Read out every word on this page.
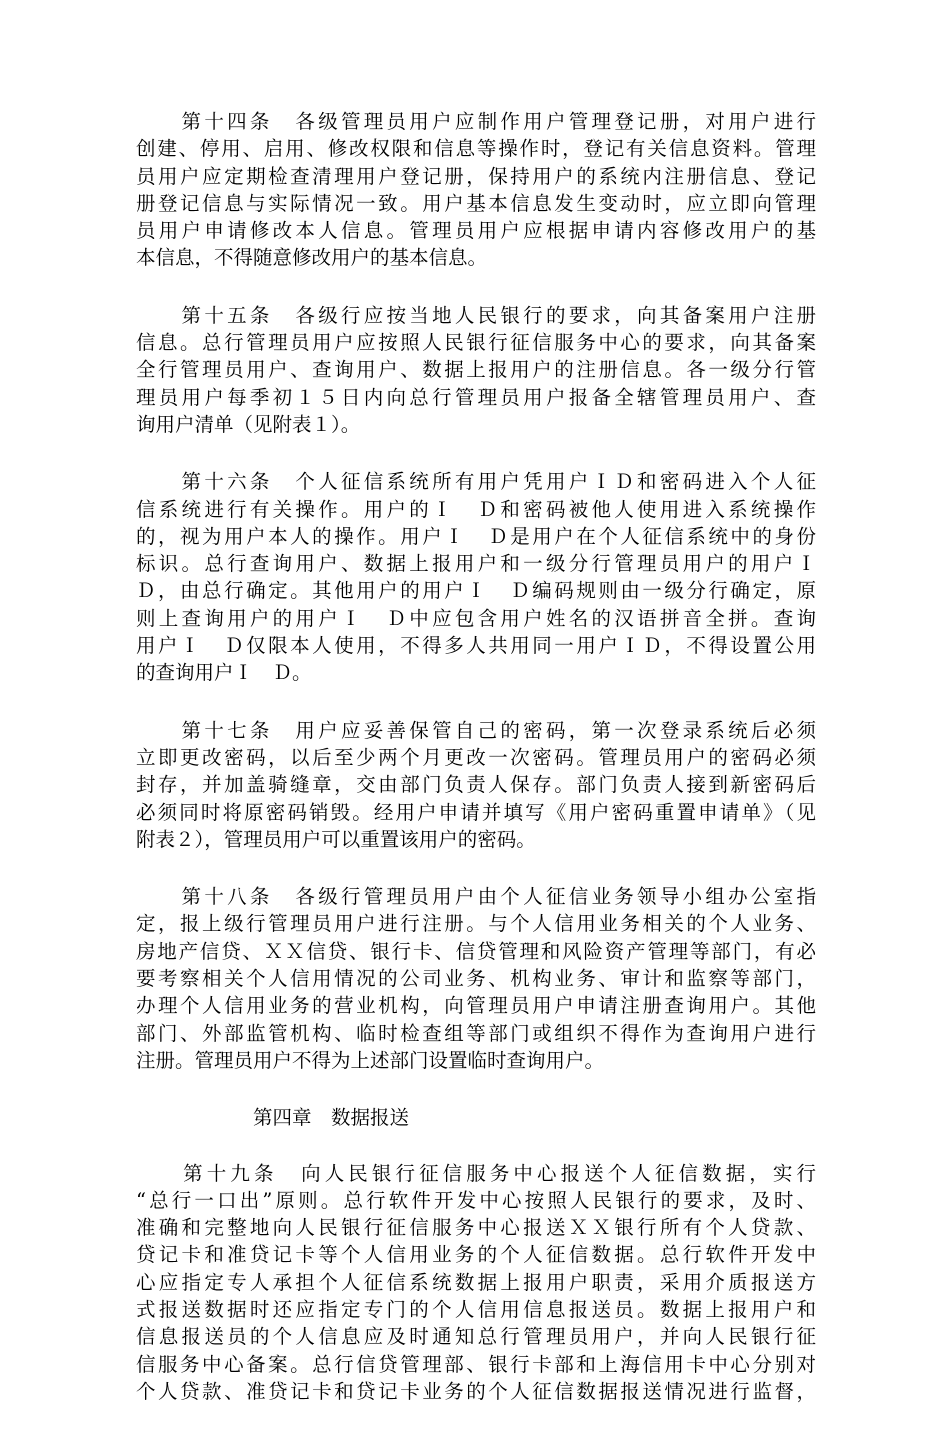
　　第十四条　各级管理员用户应制作用户管理登记册，对用户进行
创建、停用、启用、修改权限和信息等操作时，登记有关信息资料。管理
员用户应定期检查清理用户登记册，保持用户的系统内注册信息、登记
册登记信息与实际情况一致。用户基本信息发生变动时，应立即向管理
员用户申请修改本人信息。管理员用户应根据申请内容修改用户的基
本信息，不得随意修改用户的基本信息。
　　第十五条　各级行应按当地人民银行的要求，向其备案用户注册
信息。总行管理员用户应按照人民银行征信服务中心的要求，向其备案
全行管理员用户、查询用户、数据上报用户的注册信息。各一级分行管
理员用户每季初１５日内向总行管理员用户报备全辖管理员用户、查
询用户清单（见附表１）。
　　第十六条　个人征信系统所有用户凭用户ＩＤ和密码进入个人征
信系统进行有关操作。用户的Ｉ　Ｄ和密码被他人使用进入系统操作
的，视为用户本人的操作。用户Ｉ　Ｄ是用户在个人征信系统中的身份
标识。总行查询用户、数据上报用户和一级分行管理员用户的用户Ｉ
Ｄ，由总行确定。其他用户的用户Ｉ　Ｄ编码规则由一级分行确定，原
则上查询用户的用户Ｉ　Ｄ中应包含用户姓名的汉语拼音全拼。查询
用户Ｉ　Ｄ仅限本人使用，不得多人共用同一用户ＩＤ，不得设置公用
的查询用户Ｉ　Ｄ。
　　第十七条　用户应妥善保管自己的密码，第一次登录系统后必须
立即更改密码，以后至少两个月更改一次密码。管理员用户的密码必须
封存，并加盖骑缝章，交由部门负责人保存。部门负责人接到新密码后
必须同时将原密码销毁。经用户申请并填写《用户密码重置申请单》（见
附表２），管理员用户可以重置该用户的密码。
　　第十八条　各级行管理员用户由个人征信业务领导小组办公室指
定，报上级行管理员用户进行注册。与个人信用业务相关的个人业务、
房地产信贷、ＸＸ信贷、银行卡、信贷管理和风险资产管理等部门，有必
要考察相关个人信用情况的公司业务、机构业务、审计和监察等部门，
办理个人信用业务的营业机构，向管理员用户申请注册查询用户。其他
部门、外部监管机构、临时检查组等部门或组织不得作为查询用户进行
注册。管理员用户不得为上述部门设置临时查询用户。
第四章　数据报送
　　第十九条　向人民银行征信服务中心报送个人征信数据，实行
“总行一口出”原则。总行软件开发中心按照人民银行的要求，及时、
准确和完整地向人民银行征信服务中心报送ＸＸ银行所有个人贷款、
贷记卡和准贷记卡等个人信用业务的个人征信数据。总行软件开发中
心应指定专人承担个人征信系统数据上报用户职责，采用介质报送方
式报送数据时还应指定专门的个人信用信息报送员。数据上报用户和
信息报送员的个人信息应及时通知总行管理员用户，并向人民银行征
信服务中心备案。总行信贷管理部、银行卡部和上海信用卡中心分别对
个人贷款、准贷记卡和贷记卡业务的个人征信数据报送情况进行监督，
